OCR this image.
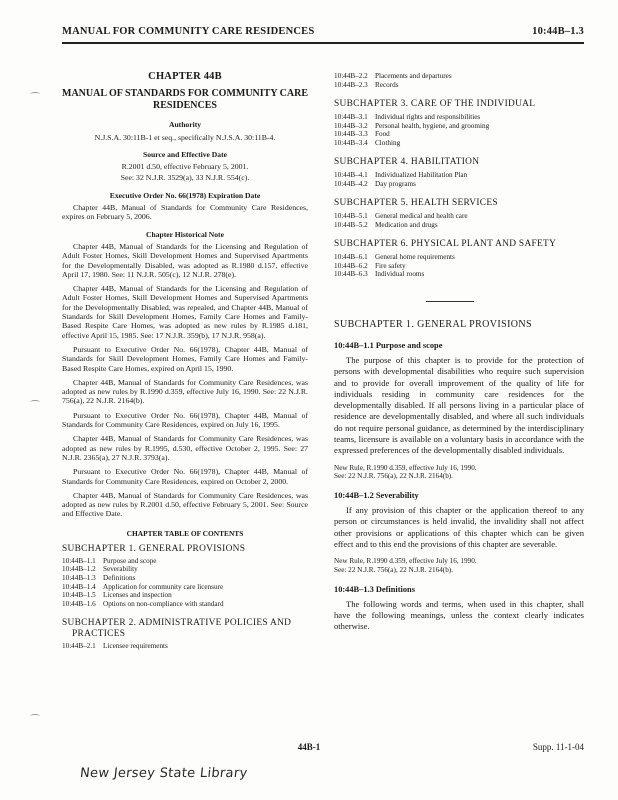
MANUAL FOR COMMUNITY CARE RESIDENCES	10:44B–1.3
CHAPTER 44B
MANUAL OF STANDARDS FOR COMMUNITY CARE RESIDENCES
Authority
N.J.S.A. 30:11B-1 et seq., specifically N.J.S.A. 30:11B-4.
Source and Effective Date
R.2001 d.50, effective February 5, 2001.
See: 32 N.J.R. 3529(a), 33 N.J.R. 554(c).
Executive Order No. 66(1978) Expiration Date

Chapter 44B, Manual of Standards for Community Care Residences, expires on February 5, 2006.

Chapter Historical Note

Chapter 44B, Manual of Standards for the Licensing and Regulation of Adult Foster Homes, Skill Development Homes and Supervised Apartments for the Developmentally Disabled, was adopted as R.1980 d.157, effective April 17, 1980. See: 11 N.J.R. 505(c), 12 N.J.R. 278(e).

Chapter 44B, Manual of Standards for the Licensing and Regulation of Adult Foster Homes, Skill Development Homes and Supervised Apartments for the Developmentally Disabled, was repealed, and Chapter 44B, Manual of Standards for Skill Development Homes, Family Care Homes and Family-Based Respite Care Homes, was adopted as new rules by R.1985 d.181, effective April 15, 1985. See: 17 N.J.R. 359(b), 17 N.J.R. 958(a).

Pursuant to Executive Order No. 66(1978), Chapter 44B, Manual of Standards for Skill Development Homes, Family Care Homes and Family-Based Respite Care Homes, expired on April 15, 1990.

Chapter 44B, Manual of Standards for Community Care Residences, was adopted as new rules by R.1990 d.359, effective July 16, 1990. See: 22 N.J.R. 756(a), 22 N.J.R. 2164(b).

Pursuant to Executive Order No. 66(1978), Chapter 44B, Manual of Standards for Community Care Residences, expired on July 16, 1995.

Chapter 44B, Manual of Standards for Community Care Residences, was adopted as new rules by R.1995, d.530, effective October 2, 1995. See: 27 N.J.R. 2365(a), 27 N.J.R. 3793(a).

Pursuant to Executive Order No. 66(1978), Chapter 44B, Manual of Standards for Community Care Residences, expired on October 2, 2000.

Chapter 44B, Manual of Standards for Community Care Residences, was adopted as new rules by R.2001 d.50, effective February 5, 2001. See: Source and Effective Date.

CHAPTER TABLE OF CONTENTS
SUBCHAPTER 1. GENERAL PROVISIONS
10:44B–1.1	Purpose and scope
10:44B–1.2	Severability
10:44B–1.3	Definitions
10:44B–1.4	Application for community care licensure
10:44B–1.5	Licenses and inspection
10:44B–1.6	Options on non-compliance with standard
SUBCHAPTER 2. ADMINISTRATIVE POLICIES AND
PRACTICES
10:44B–2.1	Licensee requirements
10:44B–2.2	Placements and departures
10:44B–2.3	Records
SUBCHAPTER 3. CARE OF THE INDIVIDUAL
10:44B–3.1	Individual rights and responsibilities
10:44B–3.2	Personal health, hygiene, and grooming
10:44B–3.3	Food
10:44B–3.4	Clothing
SUBCHAPTER 4. HABILITATION
10:44B–4.1	Individualized Habilitation Plan
10:44B–4.2	Day programs
SUBCHAPTER 5. HEALTH SERVICES
10:44B–5.1	General medical and health care
10:44B–5.2	Medication and drugs
SUBCHAPTER 6. PHYSICAL PLANT AND SAFETY
10:44B–6.1	General home requirements
10:44B–6.2	Fire safety
10:44B–6.3	Individual rooms
SUBCHAPTER 1. GENERAL PROVISIONS
10:44B–1.1 Purpose and scope

The purpose of this chapter is to provide for the protection of persons with developmental disabilities who require such supervision and to provide for overall improvement of the quality of life for individuals residing in community care residences for the developmentally disabled. If all persons living in a particular place of residence are developmentally disabled, and where all such individuals do not require personal guidance, as determined by the interdisciplinary teams, licensure is available on a voluntary basis in accordance with the expressed preferences of the developmentally disabled individuals.

New Rule, R.1990 d.359, effective July 16, 1990.
See: 22 N.J.R. 756(a), 22 N.J.R. 2164(b).
10:44B–1.2 Severability

If any provision of this chapter or the application thereof to any person or circumstances is held invalid, the invalidity shall not affect other provisions or applications of this chapter which can be given effect and to this end the provisions of this chapter are severable.

New Rule, R.1990 d.359, effective July 16, 1990.
See: 22 N.J.R. 756(a), 22 N.J.R. 2164(b).
10:44B–1.3 Definitions

The following words and terms, when used in this chapter, shall have the following meanings, unless the context clearly indicates otherwise.

44B-1	Supp. 11-1-04
New Jersey State Library
